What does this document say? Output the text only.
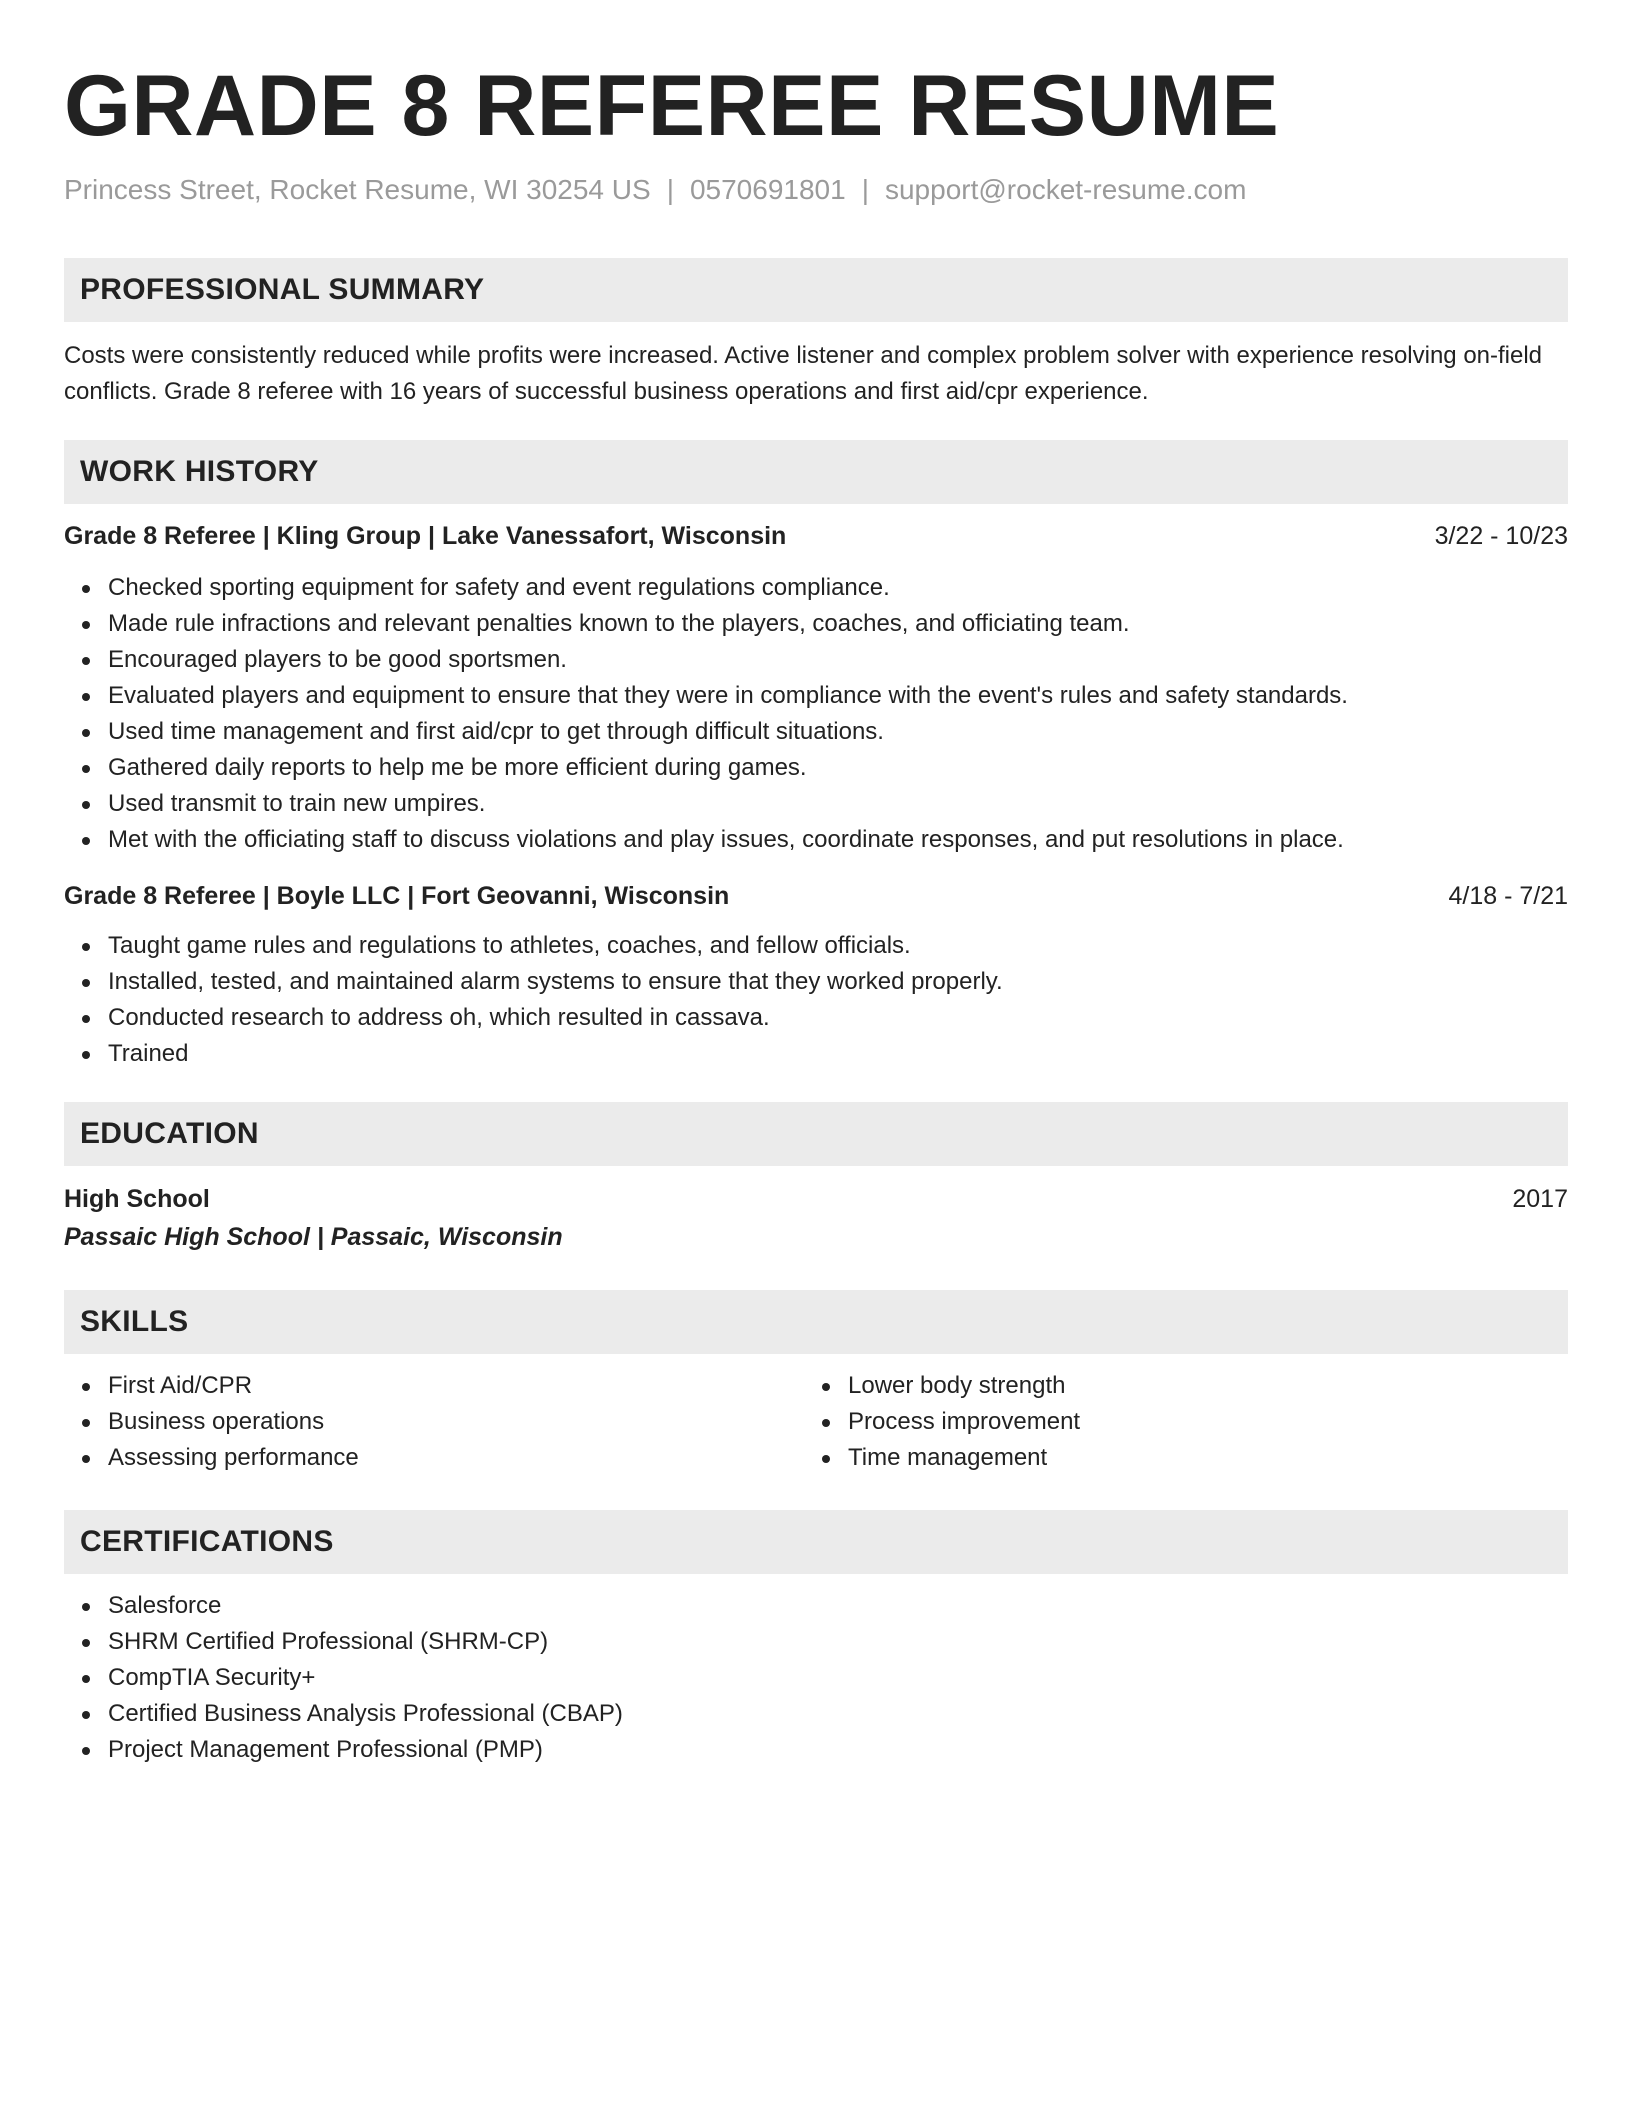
GRADE 8 REFEREE RESUME
Princess Street, Rocket Resume, WI 30254 US | 0570691801 | support@rocket-resume.com
PROFESSIONAL SUMMARY
Costs were consistently reduced while profits were increased. Active listener and complex problem solver with experience resolving on-field conflicts. Grade 8 referee with 16 years of successful business operations and first aid/cpr experience.
WORK HISTORY
Grade 8 Referee | Kling Group | Lake Vanessafort, Wisconsin	3/22 - 10/23
Checked sporting equipment for safety and event regulations compliance.
Made rule infractions and relevant penalties known to the players, coaches, and officiating team.
Encouraged players to be good sportsmen.
Evaluated players and equipment to ensure that they were in compliance with the event's rules and safety standards.
Used time management and first aid/cpr to get through difficult situations.
Gathered daily reports to help me be more efficient during games.
Used transmit to train new umpires.
Met with the officiating staff to discuss violations and play issues, coordinate responses, and put resolutions in place.
Grade 8 Referee | Boyle LLC | Fort Geovanni, Wisconsin	4/18 - 7/21
Taught game rules and regulations to athletes, coaches, and fellow officials.
Installed, tested, and maintained alarm systems to ensure that they worked properly.
Conducted research to address oh, which resulted in cassava.
Trained
EDUCATION
High School	2017
Passaic High School | Passaic, Wisconsin
SKILLS
First Aid/CPR
Business operations
Assessing performance
Lower body strength
Process improvement
Time management
CERTIFICATIONS
Salesforce
SHRM Certified Professional (SHRM-CP)
CompTIA Security+
Certified Business Analysis Professional (CBAP)
Project Management Professional (PMP)
